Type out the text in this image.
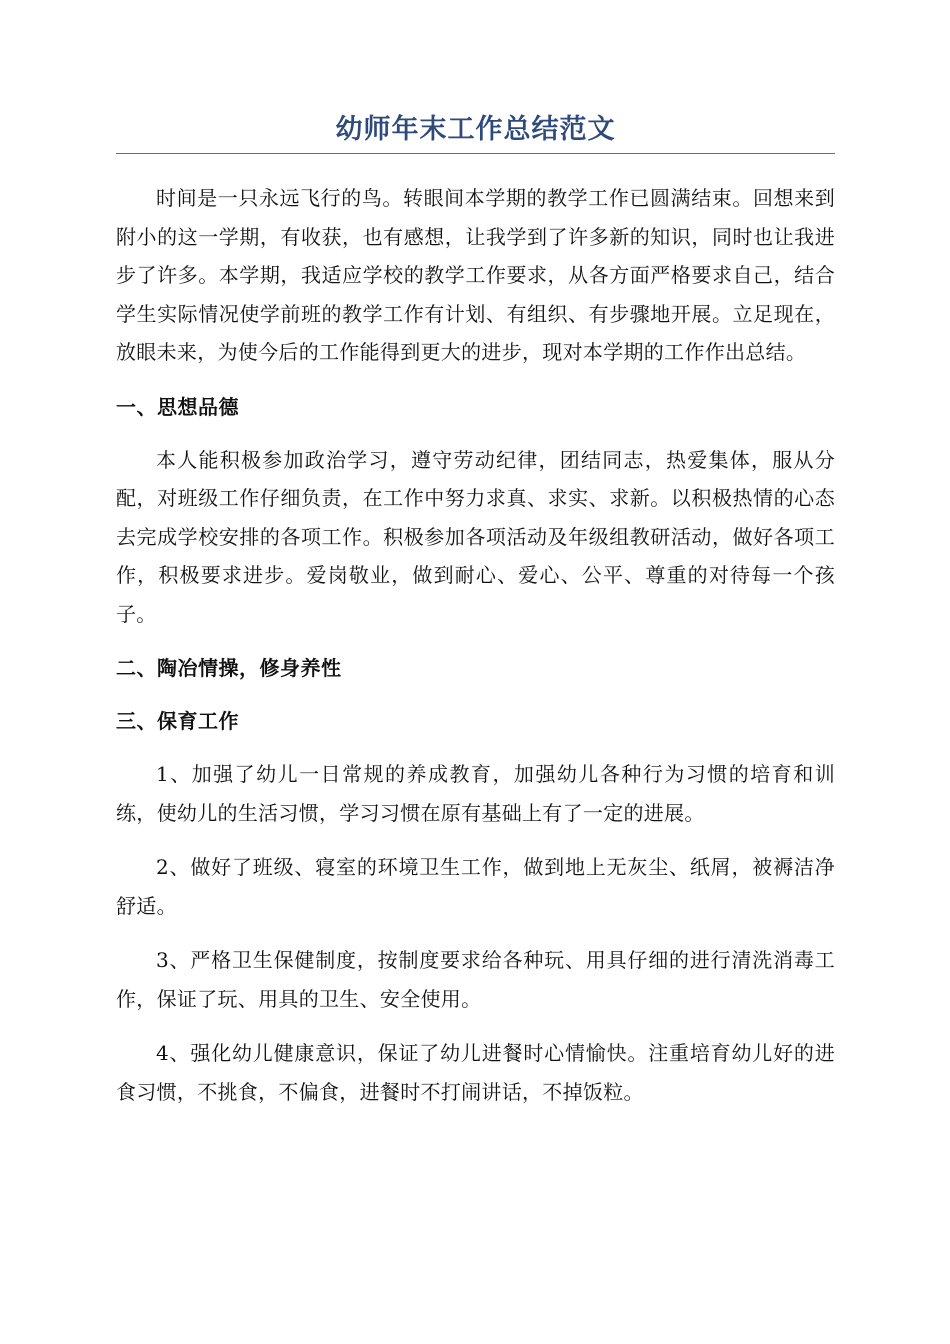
幼师年末工作总结范文

时间是一只永远飞行的鸟。转眼间本学期的教学工作已圆满结束。回想来到附小的这一学期，有收获，也有感想，让我学到了许多新的知识，同时也让我进步了许多。本学期，我适应学校的教学工作要求，从各方面严格要求自己，结合学生实际情况使学前班的教学工作有计划、有组织、有步骤地开展。立足现在，放眼未来，为使今后的工作能得到更大的进步，现对本学期的工作作出总结。

一、思想品德

本人能积极参加政治学习，遵守劳动纪律，团结同志，热爱集体，服从分配，对班级工作仔细负责，在工作中努力求真、求实、求新。以积极热情的心态去完成学校安排的各项工作。积极参加各项活动及年级组教研活动，做好各项工作，积极要求进步。爱岗敬业，做到耐心、爱心、公平、尊重的对待每一个孩子。

二、陶冶情操，修身养性
三、保育工作

1、加强了幼儿一日常规的养成教育，加强幼儿各种行为习惯的培育和训练，使幼儿的生活习惯，学习习惯在原有基础上有了一定的进展。

2、做好了班级、寝室的环境卫生工作，做到地上无灰尘、纸屑，被褥洁净舒适。

3、严格卫生保健制度，按制度要求给各种玩、用具仔细的进行清洗消毒工作，保证了玩、用具的卫生、安全使用。

4、强化幼儿健康意识，保证了幼儿进餐时心情愉快。注重培育幼儿好的进食习惯，不挑食，不偏食，进餐时不打闹讲话，不掉饭粒。
